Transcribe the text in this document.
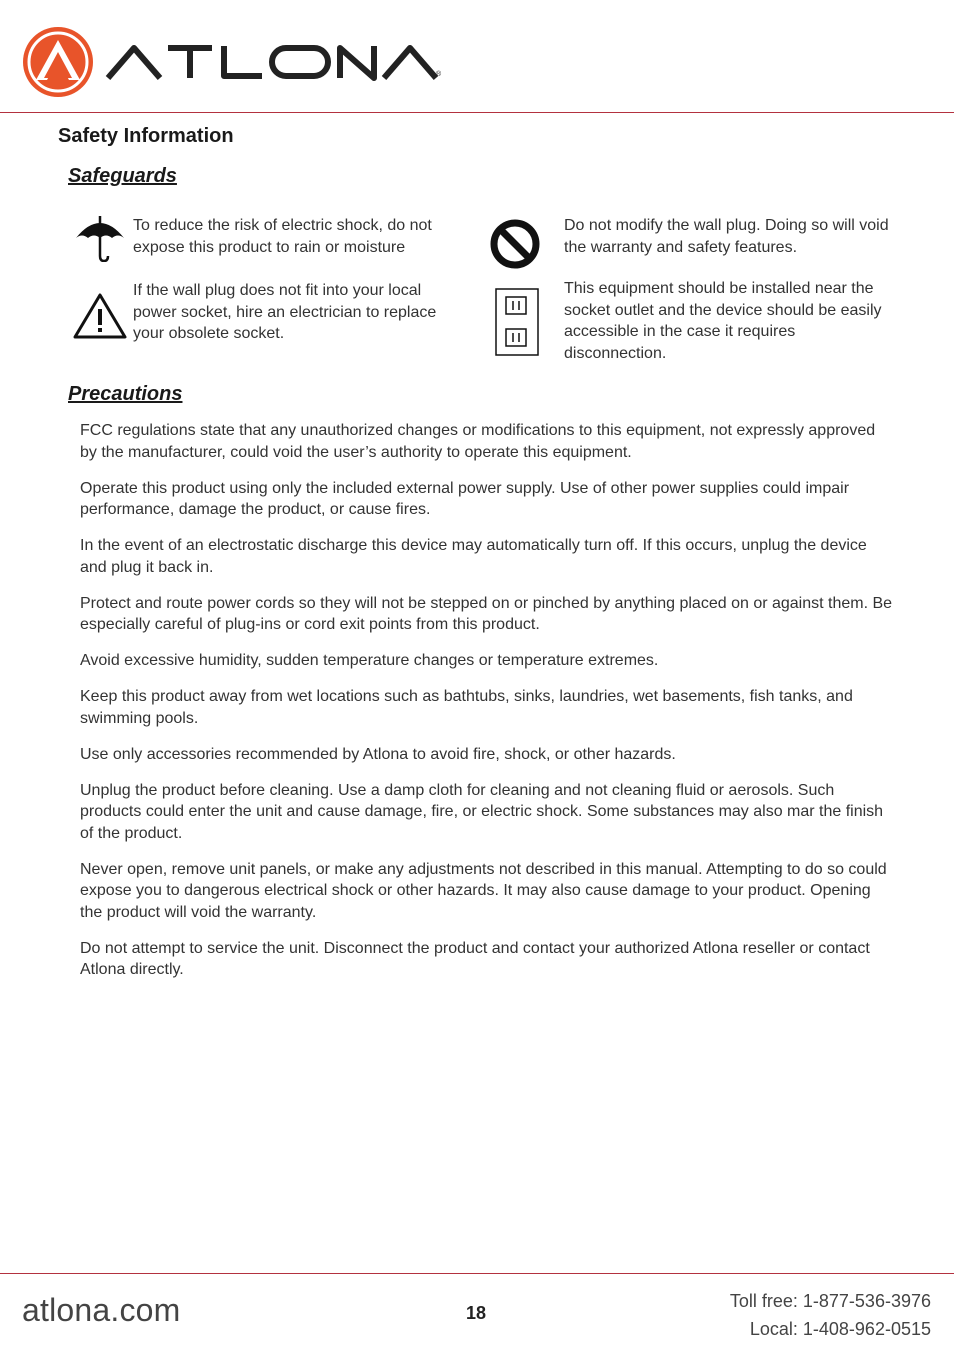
®
Safety Information
Safeguards

To reduce the risk of electric shock, do not expose this product to rain or moisture

Do not modify the wall plug. Doing so will void the warranty and safety features.

If the wall plug does not fit into your local power socket, hire an electrician to replace your obsolete socket.

This equipment should be installed near the socket outlet and the device should be easily accessible in the case it requires disconnection.

Precautions

FCC regulations state that any unauthorized changes or modifications to this equipment, not expressly approved by the manufacturer, could void the user’s authority to operate this equipment.

Operate this product using only the included external power supply. Use of other power supplies could impair performance, damage the product, or cause fires.

In the event of an electrostatic discharge this device may automatically turn off. If this occurs, unplug the device and plug it back in.

Protect and route power cords so they will not be stepped on or pinched by anything placed on or against them. Be especially careful of plug-ins or cord exit points from this product.

Avoid excessive humidity, sudden temperature changes or temperature extremes.

Keep this product away from wet locations such as bathtubs, sinks, laundries, wet basements, fish tanks, and swimming pools.

Use only accessories recommended by Atlona to avoid fire, shock, or other hazards.

Unplug the product before cleaning. Use a damp cloth for cleaning and not cleaning fluid or aerosols. Such products could enter the unit and cause damage, fire, or electric shock. Some substances may also mar the finish of the product.

Never open, remove unit panels, or make any adjustments not described in this manual. Attempting to do so could expose you to dangerous electrical shock or other hazards. It may also cause damage to your product. Opening the product will void the warranty.

Do not attempt to service the unit. Disconnect the product and contact your authorized Atlona reseller or contact Atlona directly.

atlona.com	18

Toll free: 1-877-536-3976
Local: 1-408-962-0515
